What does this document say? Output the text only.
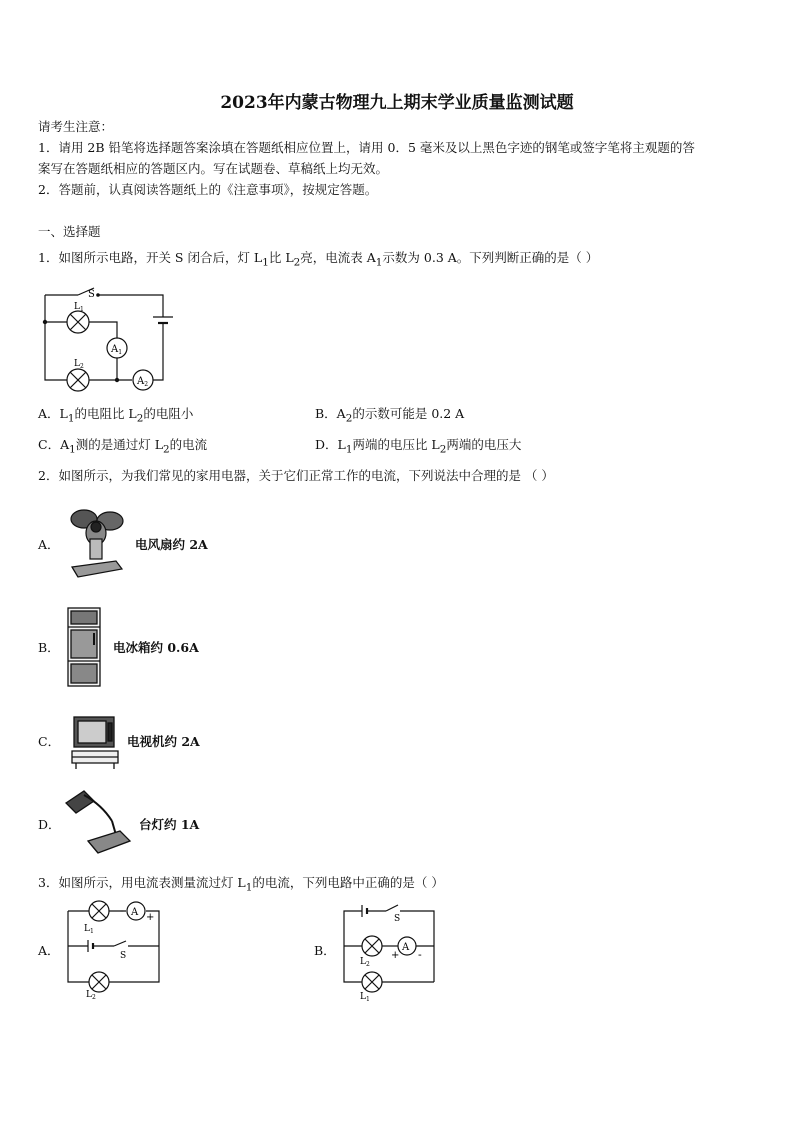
2023年内蒙古物理九上期末学业质量监测试题
请考生注意：
1．请用 2B 铅笔将选择题答案涂填在答题纸相应位置上，请用 0．5 毫米及以上黑色字迹的钢笔或签字笔将主观题的答
案写在答题纸相应的答题区内。写在试题卷、草稿纸上均无效。
2．答题前，认真阅读答题纸上的《注意事项》，按规定答题。
一、选择题
1．如图所示电路，开关 S 闭合后，灯 $L_1$比 $L_2$亮，电流表 $A_1$示数为 0.3 A。下列判断正确的是（ ）
S
$L_1$
$L_2$
$A_1$
$A_2$
A．$L_1$的电阻比 $L_2$的电阻小	B．$A_2$的示数可能是 0.2 A
C．$A_1$测的是通过灯 $L_2$的电流	D．$L_1$两端的电压比 $L_2$两端的电压大
2．如图所示，为我们常见的家用电器，关于它们正常工作的电流，下列说法中合理的是 （ ）
A．	电风扇约 2A
B．	电冰箱约 0.6A
C．	电视机约 2A
D．	台灯约 1A
3．如图所示，用电流表测量流过灯 $L_1$的电流，下列电路中正确的是（ ）
A．
A
-
+
$L_1$
S
$L_2$
B．
S
A
+ -
$L_2$
$L_1$
